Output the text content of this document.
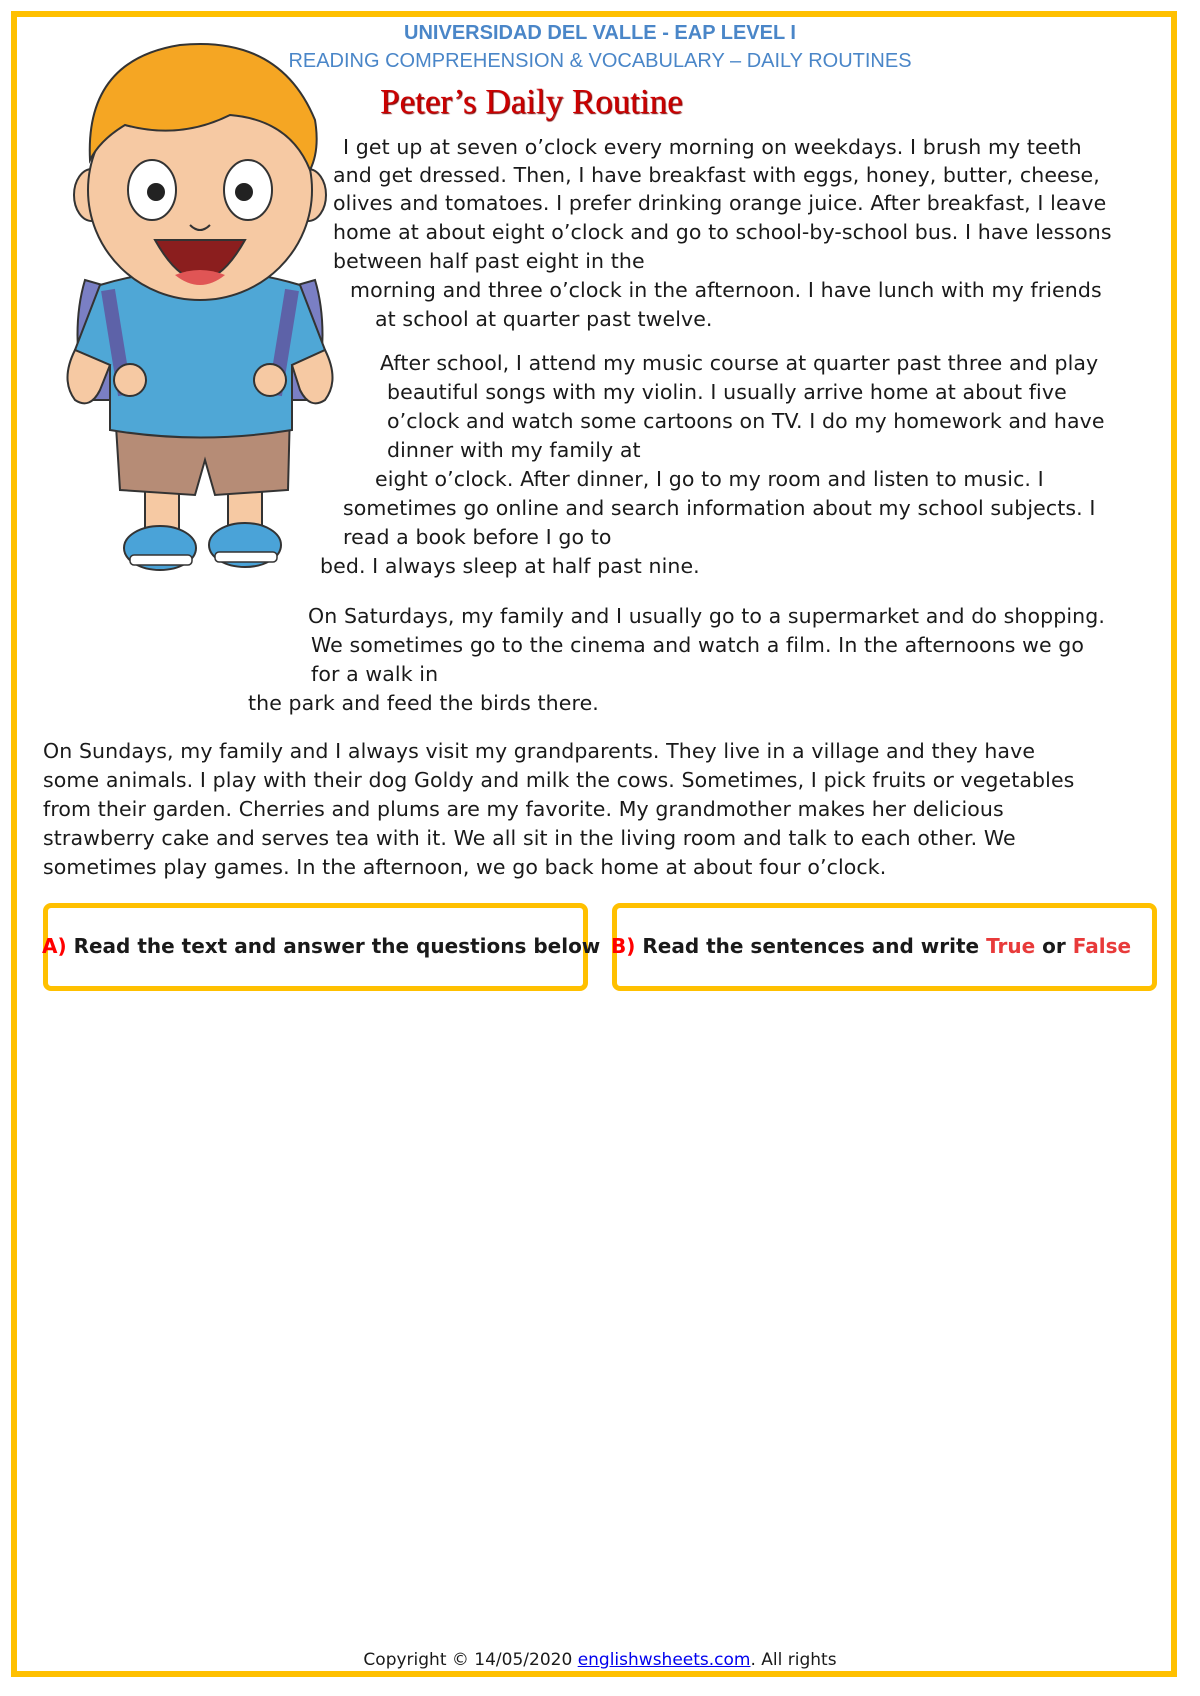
UNIVERSIDAD DEL VALLE - EAP LEVEL I
READING COMPREHENSION & VOCABULARY – DAILY ROUTINES
Peter’s Daily Routine
I get up at seven o’clock every morning on weekdays. I brush my teeth
and get dressed. Then, I have breakfast with eggs, honey, butter, cheese,
olives and tomatoes. I prefer drinking orange juice. After breakfast, I leave
home at about eight o’clock and go to school-by-school bus. I have lessons
between half past eight in the
morning and three o’clock in the afternoon. I have lunch with my friends
at school at quarter past twelve.
After school, I attend my music course at quarter past three and play
beautiful songs with my violin. I usually arrive home at about five
o’clock and watch some cartoons on TV. I do my homework and have
dinner with my family at
eight o’clock. After dinner, I go to my room and listen to music. I
sometimes go online and search information about my school subjects. I
read a book before I go to
bed. I always sleep at half past nine.
On Saturdays, my family and I usually go to a supermarket and do shopping.
We sometimes go to the cinema and watch a film. In the afternoons we go
for a walk in
the park and feed the birds there.
On Sundays, my family and I always visit my grandparents. They live in a village and they have
some animals. I play with their dog Goldy and milk the cows. Sometimes, I pick fruits or vegetables
from their garden. Cherries and plums are my favorite. My grandmother makes her delicious
strawberry cake and serves tea with it. We all sit in the living room and talk to each other. We
sometimes play games. In the afternoon, we go back home at about four o’clock.
A) Read the text and answer the questions below B) Read the sentences and write True or False
Copyright © 14/05/2020 englishwsheets.com. All rights
